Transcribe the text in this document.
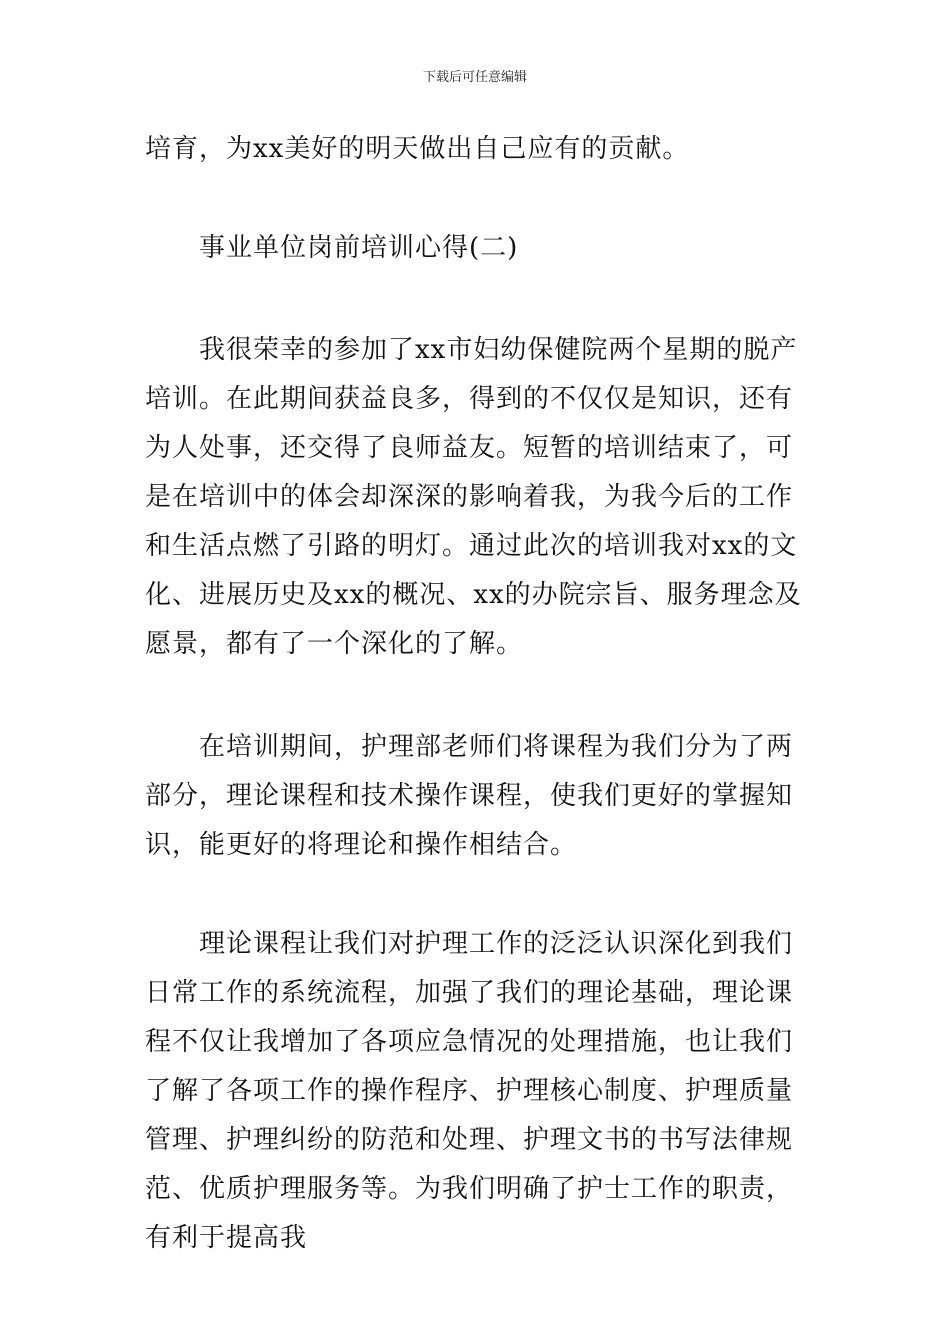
下载后可任意编辑

培育，为xx美好的明天做出自己应有的贡献。

事业单位岗前培训心得(二)

我很荣幸的参加了xx市妇幼保健院两个星期的脱产培训。在此期间获益良多，得到的不仅仅是知识，还有为人处事，还交得了良师益友。短暂的培训结束了，可是在培训中的体会却深深的影响着我，为我今后的工作和生活点燃了引路的明灯。通过此次的培训我对xx的文化、进展历史及xx的概况、xx的办院宗旨、服务理念及愿景，都有了一个深化的了解。

在培训期间，护理部老师们将课程为我们分为了两部分，理论课程和技术操作课程，使我们更好的掌握知识，能更好的将理论和操作相结合。

理论课程让我们对护理工作的泛泛认识深化到我们日常工作的系统流程，加强了我们的理论基础，理论课程不仅让我增加了各项应急情况的处理措施，也让我们了解了各项工作的操作程序、护理核心制度、护理质量管理、护理纠纷的防范和处理、护理文书的书写法律规范、优质护理服务等。为我们明确了护士工作的职责，有利于提高我
